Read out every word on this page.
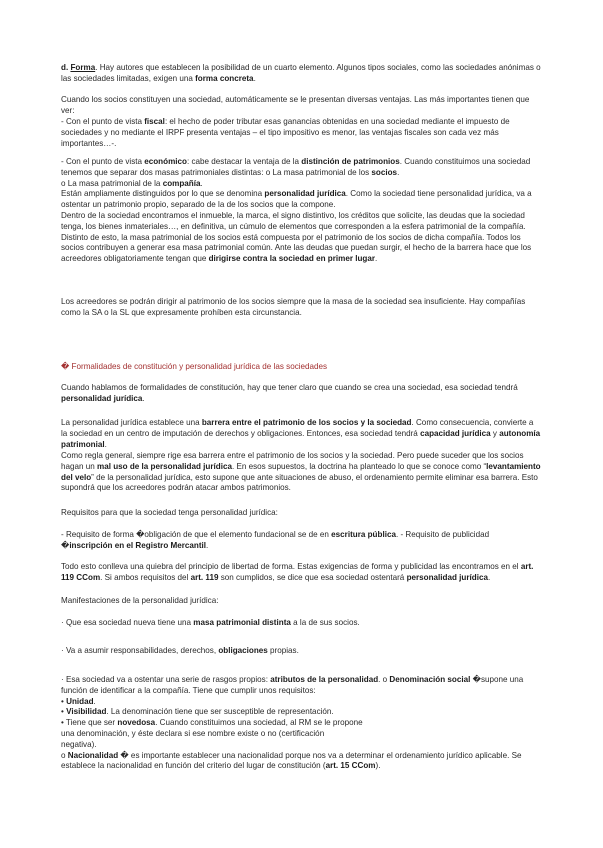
d. Forma. Hay autores que establecen la posibilidad de un cuarto elemento. Algunos tipos sociales, como las sociedades anónimas o las sociedades limitadas, exigen una forma concreta.

Cuando los socios constituyen una sociedad, automáticamente se le presentan diversas ventajas. Las más importantes tienen que ver:

- Con el punto de vista fiscal: el hecho de poder tributar esas ganancias obtenidas en una sociedad mediante el impuesto de sociedades y no mediante el IRPF presenta ventajas – el tipo impositivo es menor, las ventajas fiscales son cada vez más importantes…-.

- Con el punto de vista económico: cabe destacar la ventaja de la distinción de patrimonios. Cuando constituimos una sociedad tenemos que separar dos masas patrimoniales distintas: o La masa patrimonial de los socios.
o La masa patrimonial de la compañía.
Están ampliamente distinguidos por lo que se denomina personalidad jurídica. Como la sociedad tiene personalidad jurídica, va a ostentar un patrimonio propio, separado de la de los socios que la compone.
Dentro de la sociedad encontramos el inmueble, la marca, el signo distintivo, los créditos que solicite, las deudas que la sociedad tenga, los bienes inmateriales…, en definitiva, un cúmulo de elementos que corresponden a la esfera patrimonial de la compañía.
Distinto de esto, la masa patrimonial de los socios está compuesta por el patrimonio de los socios de dicha compañía. Todos los socios contribuyen a generar esa masa patrimonial común. Ante las deudas que puedan surgir, el hecho de la barrera hace que los acreedores obligatoriamente tengan que dirigirse contra la sociedad en primer lugar.

Los acreedores se podrán dirigir al patrimonio de los socios siempre que la masa de la sociedad sea insuficiente. Hay compañías como la SA o la SL que expresamente prohíben esta circunstancia.

� Formalidades de constitución y personalidad jurídica de las sociedades

Cuando hablamos de formalidades de constitución, hay que tener claro que cuando se crea una sociedad, esa sociedad tendrá personalidad jurídica.

La personalidad jurídica establece una barrera entre el patrimonio de los socios y la sociedad. Como consecuencia, convierte a la sociedad en un centro de imputación de derechos y obligaciones. Entonces, esa sociedad tendrá capacidad jurídica y autonomía patrimonial.

Como regla general, siempre rige esa barrera entre el patrimonio de los socios y la sociedad. Pero puede suceder que los socios hagan un mal uso de la personalidad jurídica. En esos supuestos, la doctrina ha planteado lo que se conoce como “levantamiento del velo” de la personalidad jurídica, esto supone que ante situaciones de abuso, el ordenamiento permite eliminar esa barrera. Esto supondrá que los acreedores podrán atacar ambos patrimonios.

Requisitos para que la sociedad tenga personalidad jurídica:

- Requisito de forma �obligación de que el elemento fundacional se de en escritura pública. - Requisito de publicidad �inscripción en el Registro Mercantil.

Todo esto conlleva una quiebra del principio de libertad de forma. Estas exigencias de forma y publicidad las encontramos en el art. 119 CCom. Si ambos requisitos del art. 119 son cumplidos, se dice que esa sociedad ostentará personalidad jurídica.

Manifestaciones de la personalidad jurídica:

· Que esa sociedad nueva tiene una masa patrimonial distinta a la de sus socios.

· Va a asumir responsabilidades, derechos, obligaciones propias.

· Esa sociedad va a ostentar una serie de rasgos propios: atributos de la personalidad. o Denominación social �supone una función de identificar a la compañía. Tiene que cumplir unos requisitos:
• Unidad.
• Visibilidad. La denominación tiene que ser susceptible de representación.
• Tiene que ser novedosa. Cuando constituimos una sociedad, al RM se le propone
una denominación, y éste declara si ese nombre existe o no (certificación
negativa).
o Nacionalidad � es importante establecer una nacionalidad porque nos va a determinar el ordenamiento jurídico aplicable. Se establece la nacionalidad en función del criterio del lugar de constitución (art. 15 CCom).
